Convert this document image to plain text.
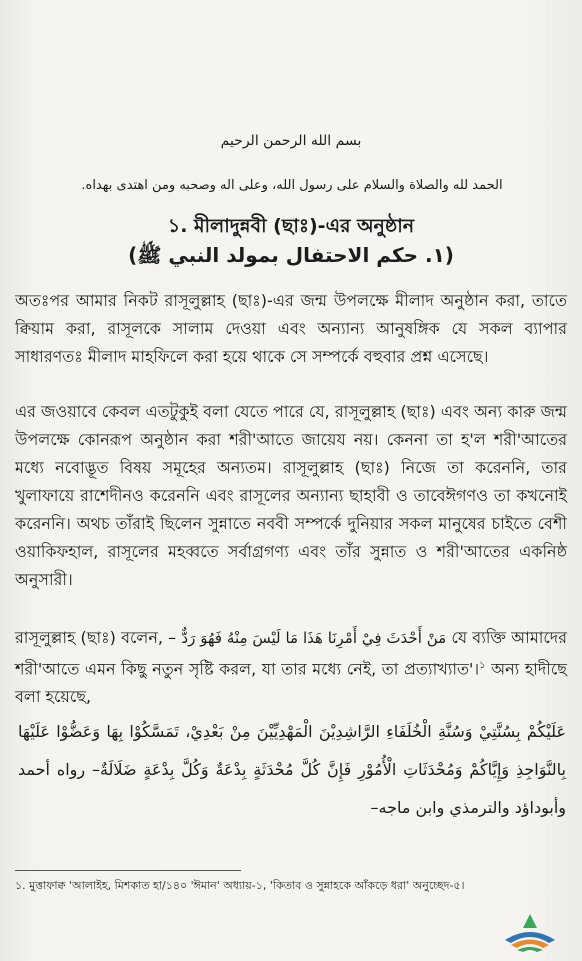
بسم الله الرحمن الرحيم
الحمد لله والصلاة والسلام على رسول الله، وعلى آله وصحبه ومن اهتدى بهداه.
১. মীলাদুন্নবী (ছাঃ)-এর অনুষ্ঠান
(١. حكم الاحتفال بمولد النبي ﷺ)

অতঃপর আমার নিকট রাসূলুল্লাহ (ছাঃ)-এর জন্ম উপলক্ষে মীলাদ অনুষ্ঠান করা, তাতে ক্বিয়াম করা, রাসূলকে সালাম দেওয়া এবং অন্যান্য আনুষঙ্গিক যে সকল ব্যাপার সাধারণতঃ মীলাদ মাহফিলে করা হয়ে থাকে সে সম্পর্কে বহুবার প্রশ্ন এসেছে।

এর জওয়াবে কেবল এতটুকুই বলা যেতে পারে যে, রাসূলুল্লাহ (ছাঃ) এবং অন্য কারু জন্ম উপলক্ষে কোনরূপ অনুষ্ঠান করা শরী'আতে জায়েয নয়। কেননা তা হ'ল শরী'আতের মধ্যে নবোদ্ভূত বিষয় সমূহের অন্যতম। রাসূলুল্লাহ (ছাঃ) নিজে তা করেননি, তার খুলাফায়ে রাশেদীনও করেননি এবং রাসূলের অন্যান্য ছাহাবী ও তাবেঈগণও তা কখনোই করেননি। অথচ তাঁরাই ছিলেন সুন্নাতে নববী সম্পর্কে দুনিয়ার সকল মানুষের চাইতে বেশী ওয়াকিফহাল, রাসূলের মহব্বতে সর্বাগ্রগণ্য এবং তাঁর সুন্নাত ও শরী'আতের একনিষ্ঠ অনুসারী।

রাসূলুল্লাহ (ছাঃ) বলেন, – مَنْ أَحْدَثَ فِيْ أَمْرِنَا هَذَا مَا لَيْسَ مِنْهُ فَهُوَ رَدٌّ যে ব্যক্তি আমাদের শরী'আতে এমন কিছু নতুন সৃষ্টি করল, যা তার মধ্যে নেই, তা প্রত্যাখ্যাত'।$^১$ অন্য হাদীছে বলা হয়েছে,

عَلَيْكُمْ بِسُنَّتِيْ وَسُنَّةِ الْخُلَفَاءِ الرَّاشِدِيْنَ الْمَهْدِيِّيْنَ مِنْ بَعْدِيْ، تَمَسَّكُوْا بِهَا وَعَضُّوْا عَلَيْهَا بِالنَّوَاجِذِ وَإِيَّاكُمْ وَمُحْدَثَاتِ الْأُمُوْرِ فَإِنَّ كُلَّ مُحْدَثَةٍ بِدْعَةٌ وَكُلَّ بِدْعَةٍ ضَلَالَةٌ– رواه أحمد وأبوداؤد والترمذي وابن ماجه–

১. মুত্তাফাক্ব 'আলাইহ, মিশকাত হা/১৪০ 'ঈমান' অধ্যায়-১, 'কিতাব ও সুন্নাহকে আঁকড়ে ধরা' অনুচ্ছেদ-৫।
